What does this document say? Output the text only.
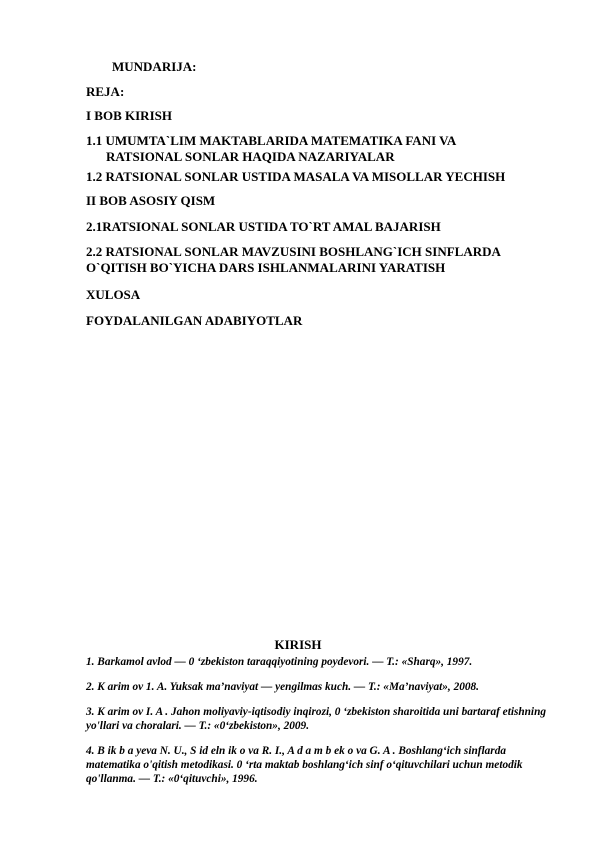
MUNDARIJA:
REJA:
I BOB KIRISH
1.1 UMUMTA`LIM MAKTABLARIDA MATEMATIKA FANI VA
RATSIONAL SONLAR HAQIDA NAZARIYALAR
1.2 RATSIONAL SONLAR USTIDA MASALA VA MISOLLAR YECHISH
II BOB ASOSIY QISM
2.1RATSIONAL SONLAR USTIDA TO`RT AMAL BAJARISH
2.2 RATSIONAL SONLAR MAVZUSINI BOSHLANG`ICH SINFLARDA
O`QITISH BO`YICHA DARS ISHLANMALARINI YARATISH
XULOSA
FOYDALANILGAN ADABIYOTLAR
KIRISH

1. Barkamol avlod — 0 ‘zbekiston taraqqiyotining poydevori. — T.: «Sharq», 1997.

2. K arim ov 1. A. Yuksak ma’naviyat — yengilmas kuch. — T.: «Ma’naviyat», 2008.

3. K arim ov I. A . Jahon moliyaviy-iqtisodiy inqirozi, 0 ‘zbekiston sharoitida uni bartaraf etishning yo'llari va choralari. — T.: «0‘zbekiston», 2009.

4. B ik b a yeva N. U., S id eln ik o va R. I., A d a m b ek o va G. A . Boshlang‘ich sinflarda matematika o'qitish metodikasi. 0 ‘rta maktab boshlang‘ich sinf o‘qituvchilari uchun metodik qo'llanma. — T.: «0‘qituvchi», 1996.
